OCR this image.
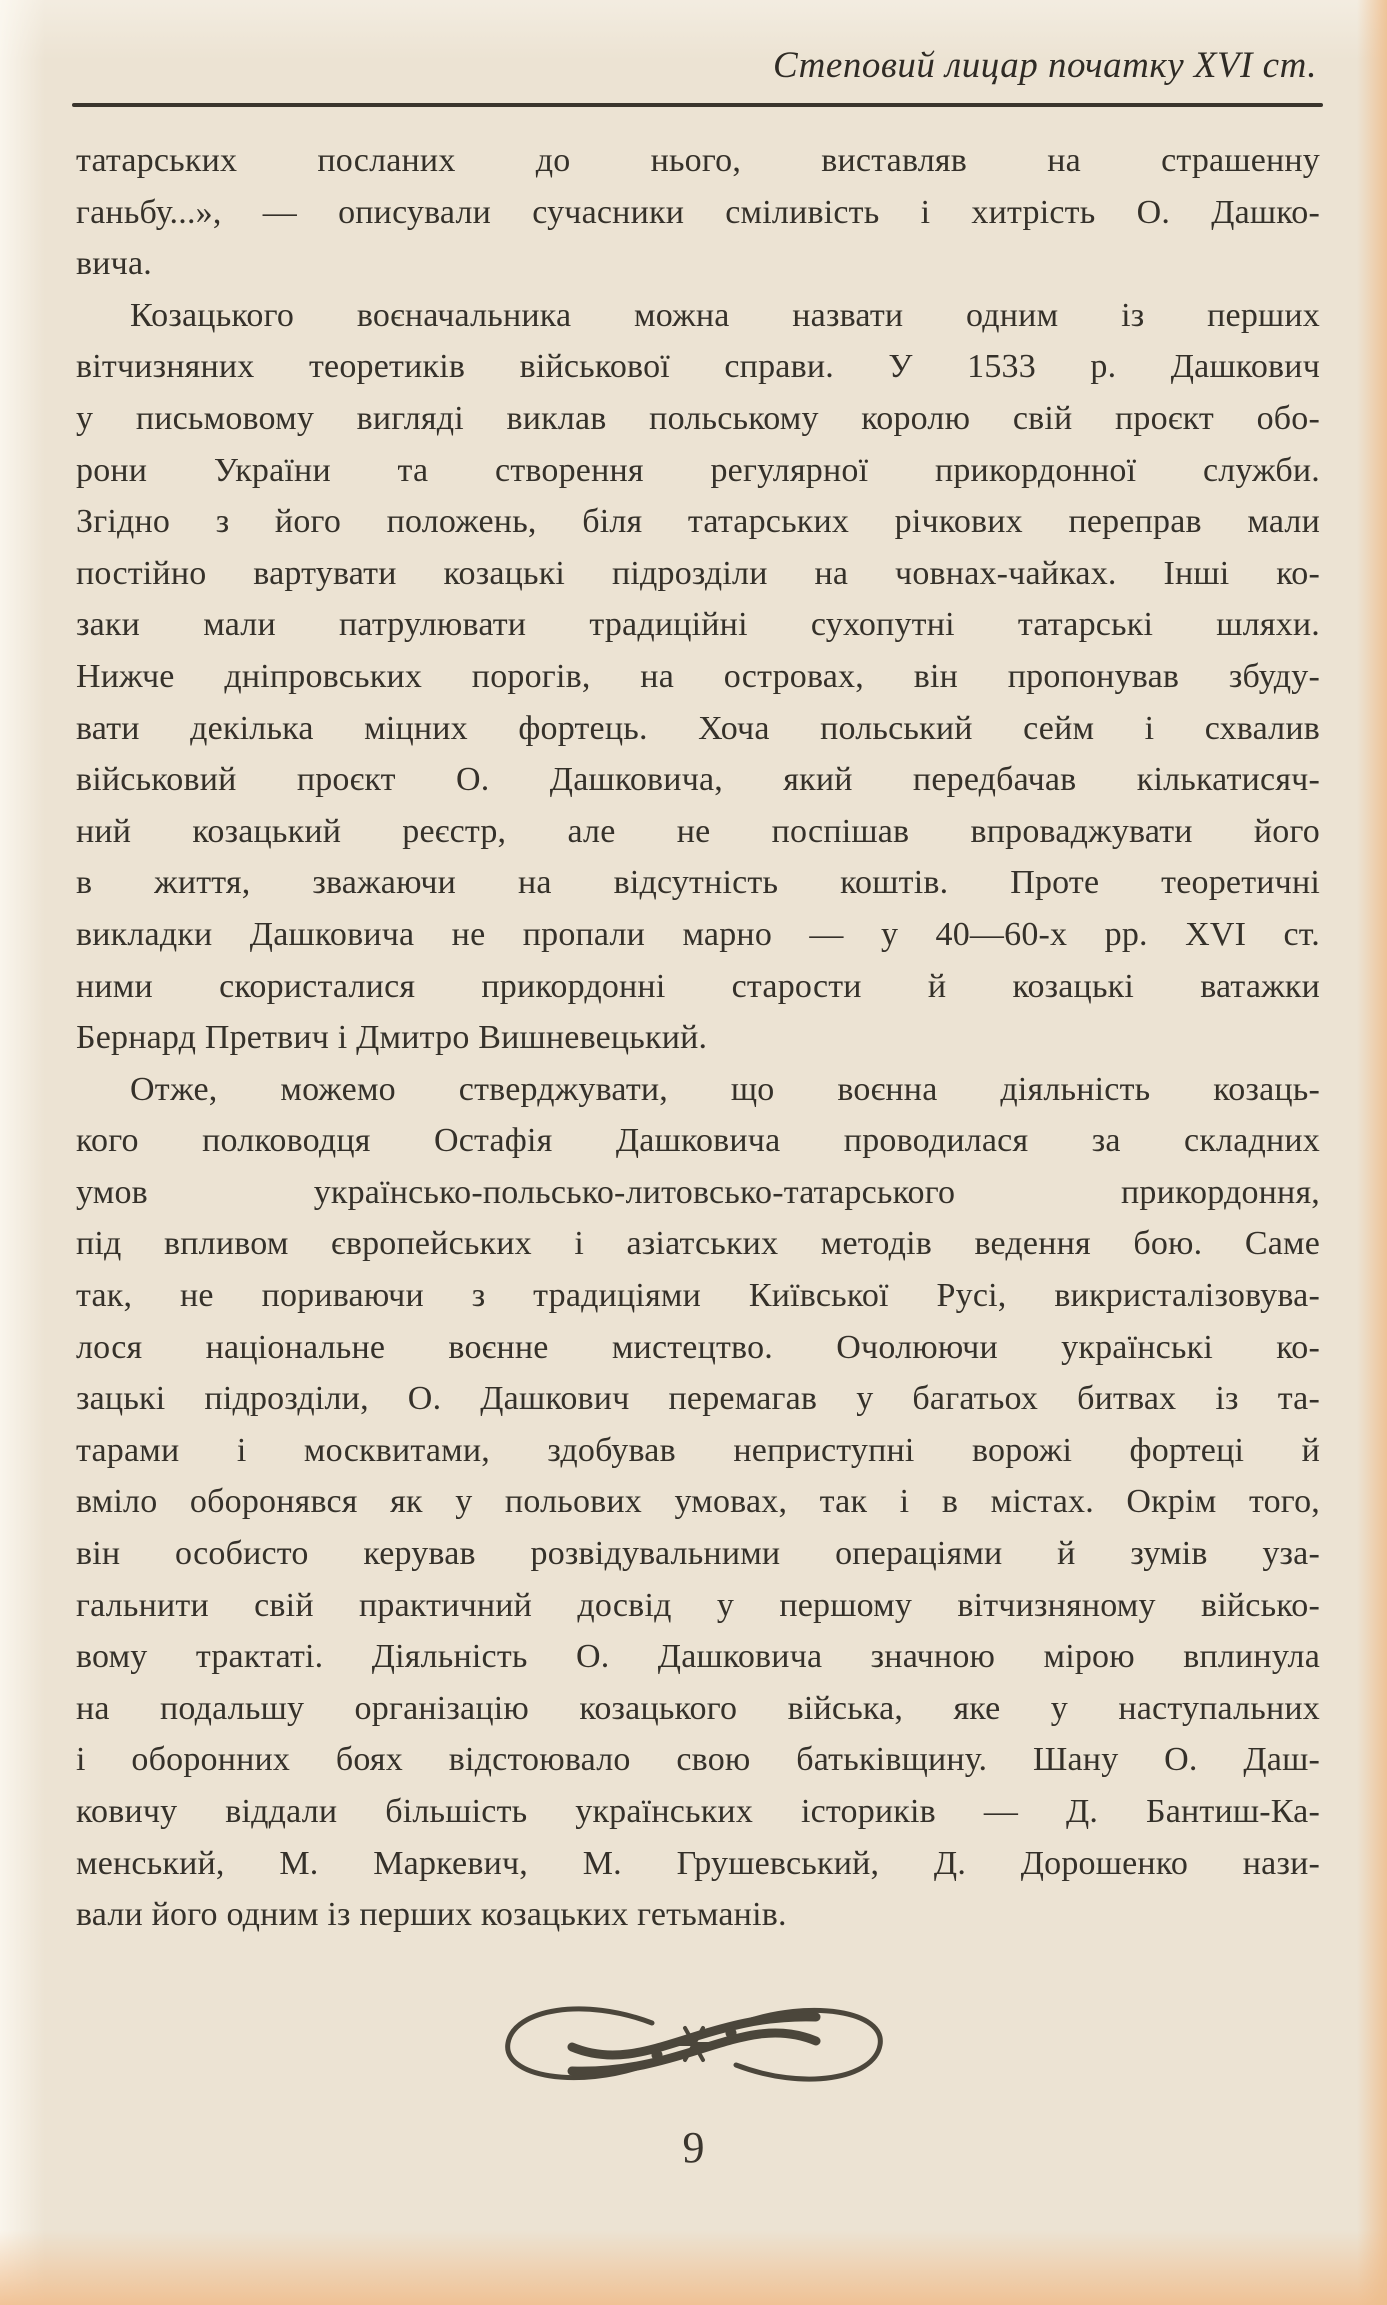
Степовий лицар початку XVI ст.
татарських посланих до нього, виставляв на страшенну
ганьбу...», — описували сучасники сміливість і хитрість О. Дашко-
вича.
Козацького воєначальника можна назвати одним із перших
вітчизняних теоретиків військової справи. У 1533 р. Дашкович
у письмовому вигляді виклав польському королю свій проєкт обо-
рони України та створення регулярної прикордонної служби.
Згідно з його положень, біля татарських річкових переправ мали
постійно вартувати козацькі підрозділи на човнах-чайках. Інші ко-
заки мали патрулювати традиційні сухопутні татарські шляхи.
Нижче дніпровських порогів, на островах, він пропонував збуду-
вати декілька міцних фортець. Хоча польський сейм і схвалив
військовий проєкт О. Дашковича, який передбачав кількатисяч-
ний козацький реєстр, але не поспішав впроваджувати його
в життя, зважаючи на відсутність коштів. Проте теоретичні
викладки Дашковича не пропали марно — у 40—60-х рр. XVI ст.
ними скористалися прикордонні старости й козацькі ватажки
Бернард Претвич і Дмитро Вишневецький.
Отже, можемо стверджувати, що воєнна діяльність козаць-
кого полководця Остафія Дашковича проводилася за складних
умов українсько-польсько-литовсько-татарського прикордоння,
під впливом європейських і азіатських методів ведення бою. Саме
так, не пориваючи з традиціями Київської Русі, викристалізовува-
лося національне воєнне мистецтво. Очолюючи українські ко-
зацькі підрозділи, О. Дашкович перемагав у багатьох битвах із та-
тарами і москвитами, здобував неприступні ворожі фортеці й
вміло оборонявся як у польових умовах, так і в містах. Окрім того,
він особисто керував розвідувальними операціями й зумів уза-
гальнити свій практичний досвід у першому вітчизняному військо-
вому трактаті. Діяльність О. Дашковича значною мірою вплинула
на подальшу організацію козацького війська, яке у наступальних
і оборонних боях відстоювало свою батьківщину. Шану О. Даш-
ковичу віддали більшість українських істориків — Д. Бантиш-Ка-
менський, М. Маркевич, М. Грушевський, Д. Дорошенко нази-
вали його одним із перших козацьких гетьманів.
9
